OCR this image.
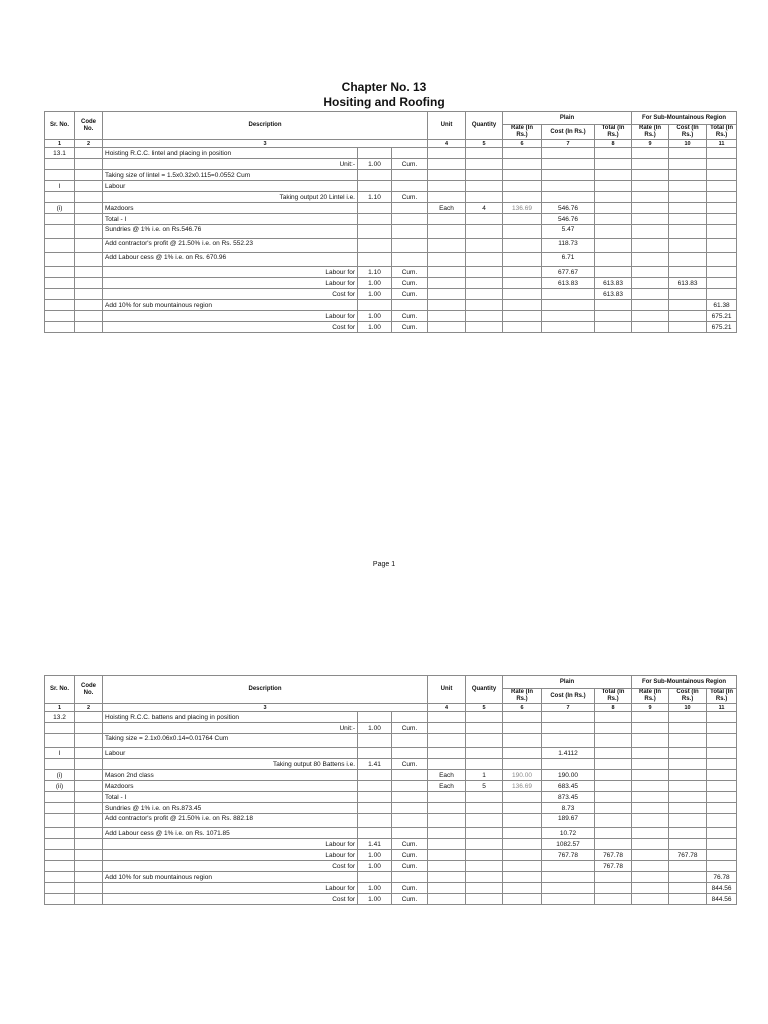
Chapter No. 13
Hositing and Roofing
Sr. No.	Code No.	Description			Unit	Quantity	Plain			For Sub-Mountainous Region		
							Rate (In Rs.)	Cost (In Rs.)	Total (In Rs.)	Rate (In Rs.)	Cost (In Rs.)	Total (In Rs.)
1	2	3			4	5	6	7	8	9	10	11
13.1		Hoisting R.C.C. lintel and placing in position										
		Unit:-	1.00	Cum.								
		Taking size of lintel = 1.5x0.32x0.115=0.0552 Cum										
I		Labour										
		Taking output 20 Lintel i.e.	1.10	Cum.								
(i)		Mazdoors			Each	4	136.69	546.76				
		Total - I						546.76				
		Sundries @ 1% i.e. on Rs.546.76						5.47				
		Add contractor's profit @ 21.50% i.e. on Rs. 552.23						118.73				
		Add Labour cess @ 1% i.e. on Rs. 670.96						6.71				
		Labour for	1.10	Cum.				677.67				
		Labour for	1.00	Cum.				613.83	613.83		613.83	
		Cost for	1.00	Cum.					613.83			
		Add 10% for sub mountainous region										61.38
		Labour for	1.00	Cum.								675.21
		Cost for	1.00	Cum.								675.21
Sr. No.	Code No.	Description			Unit	Quantity	Plain			For Sub-Mountainous Region		
							Rate (In Rs.)	Cost (In Rs.)	Total (In Rs.)	Rate (In Rs.)	Cost (In Rs.)	Total (In Rs.)
1	2	3			4	5	6	7	8	9	10	11
13.2		Hoisting R.C.C. battens and placing in position										
		Unit:-	1.00	Cum.								
		Taking size = 2.1x0.06x0.14=0.01764 Cum										
I		Labour						1.4112				
		Taking output 80 Battens i.e.	1.41	Cum.								
(i)		Mason 2nd class			Each	1	190.00	190.00				
(ii)		Mazdoors			Each	5	136.69	683.45				
		Total - I						873.45				
		Sundries @ 1% i.e. on Rs.873.45						8.73				
		Add contractor's profit @ 21.50% i.e. on Rs. 882.18						189.67				
		Add Labour cess @ 1% i.e. on Rs. 1071.85						10.72				
		Labour for	1.41	Cum.				1082.57				
		Labour for	1.00	Cum.				767.78	767.78		767.78	
		Cost for	1.00	Cum.					767.78			
		Add 10% for sub mountainous region										76.78
		Labour for	1.00	Cum.								844.56
		Cost for	1.00	Cum.								844.56
Page 1
